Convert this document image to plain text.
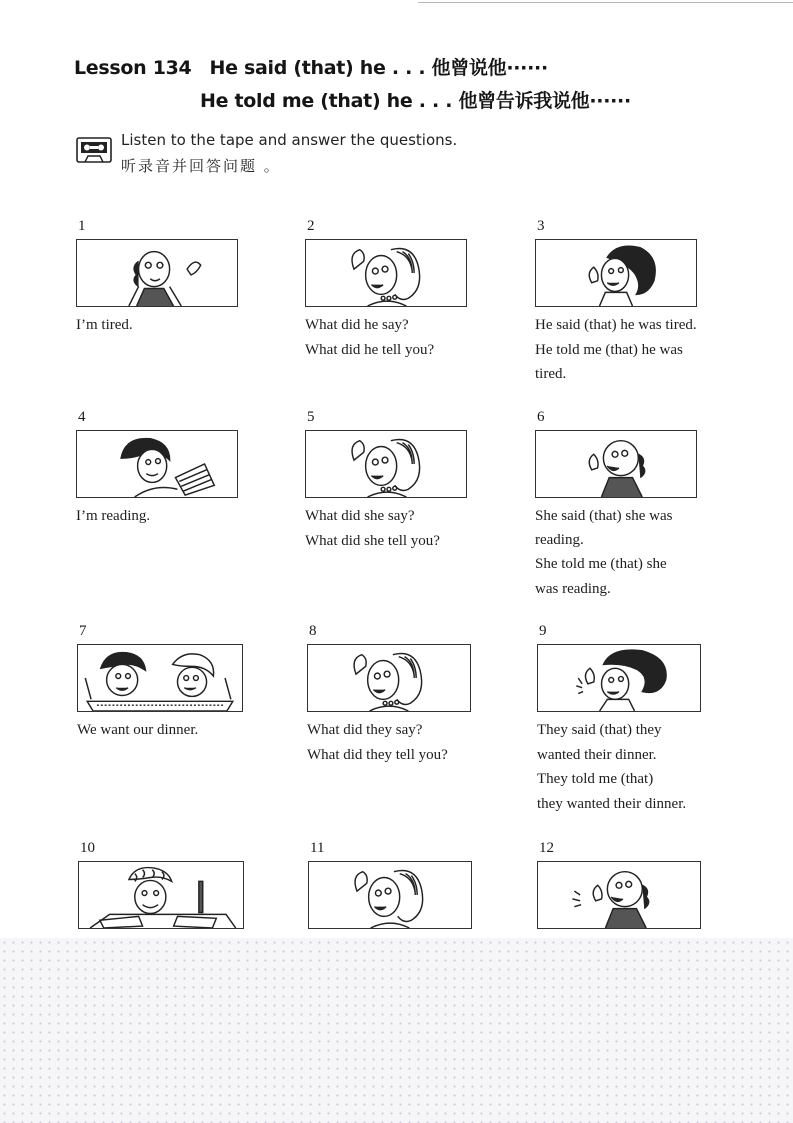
Lesson 134 He said (that) he . . . 他曾说他······
He told me (that) he . . . 他曾告诉我说他······
Listen to the tape and answer the questions.
听录音并回答问题 。
1
I’m tired.
2
What did he say?
What did he tell you?
3
He said (that) he was tired.
He told me (that) he was
tired.
4
I’m reading.
5
What did she say?
What did she tell you?
6
She said (that) she was
reading.
She told me (that) she
was reading.
7
We want our dinner.
8
What did they say?
What did they tell you?
9
They said (that) they
wanted their dinner.
They told me (that)
they wanted their dinner.
10	11	12
